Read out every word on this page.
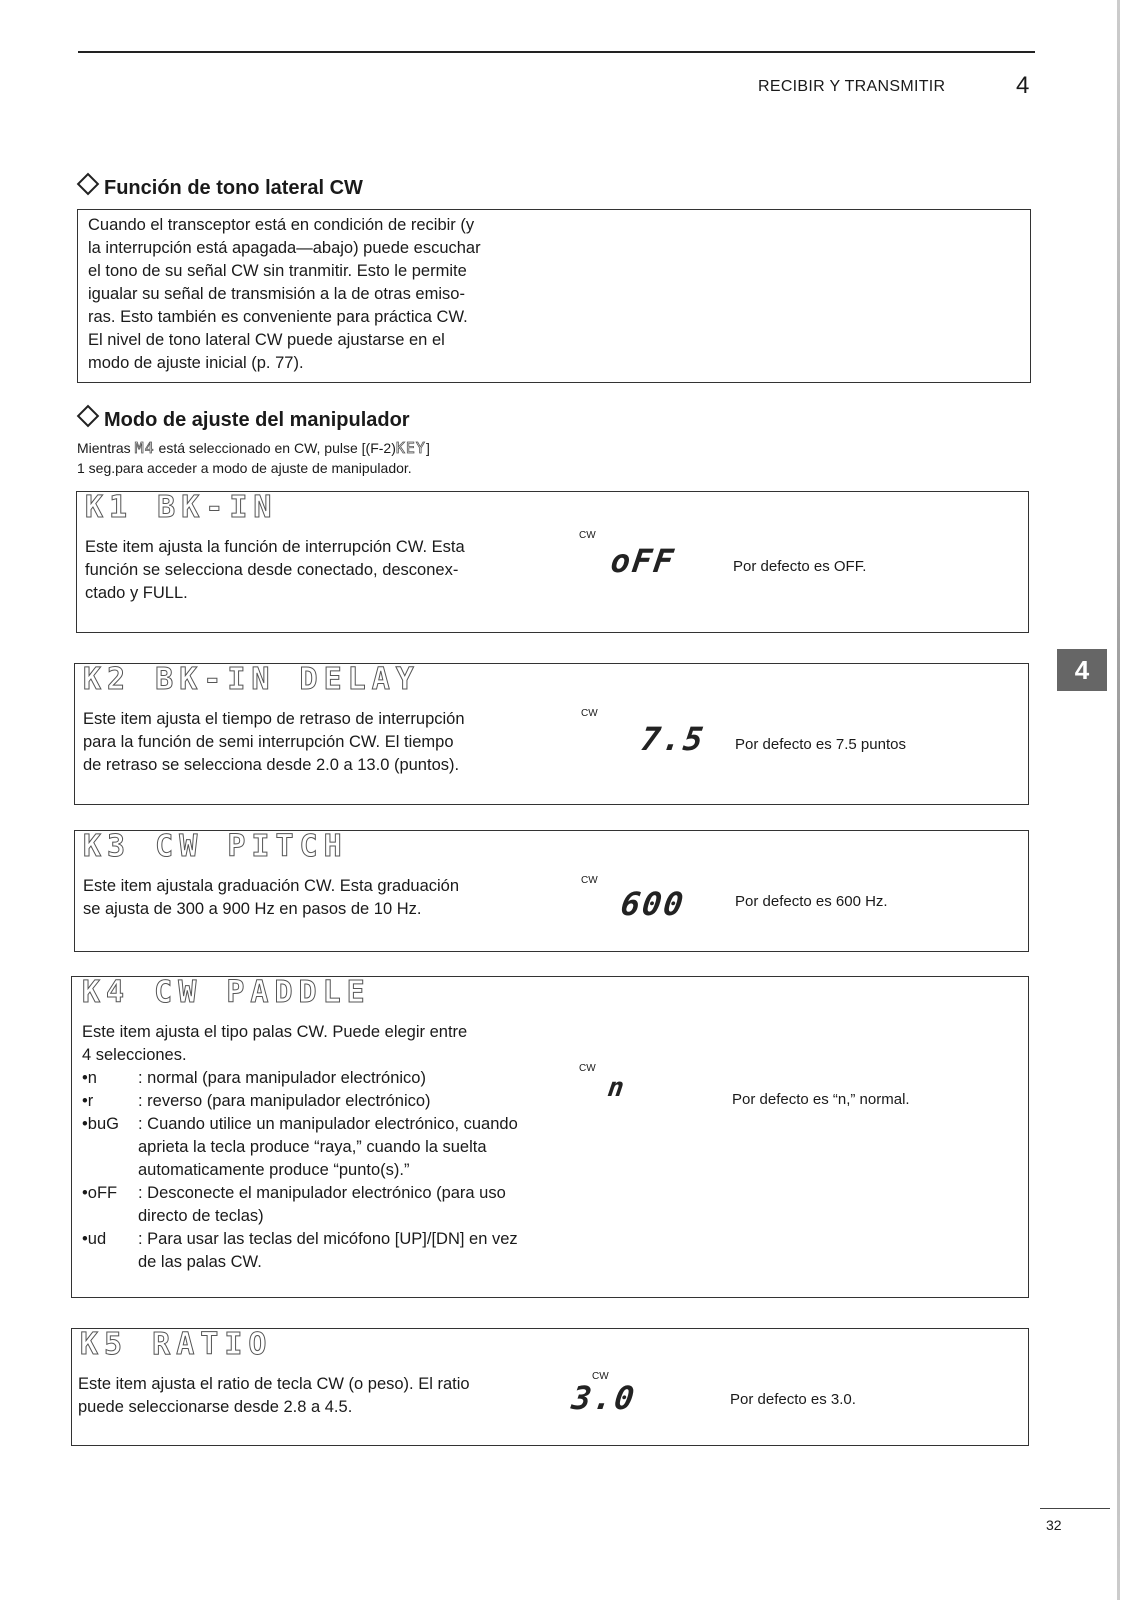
RECIBIR Y TRANSMITIR	4
Función de tono lateral CW
Cuando el transceptor está en condición de recibir (y
la interrupción está apagada—abajo) puede escuchar
el tono de su señal CW sin tranmitir. Esto le permite
igualar su señal de transmisión a la de otras emiso-
ras. Esto también es conveniente para práctica CW.
El nivel de tono lateral CW puede ajustarse en el
modo de ajuste inicial (p. 77).
Modo de ajuste del manipulador
Mientras M4 está seleccionado en CW, pulse [(F-2)KEY]
1 seg.para acceder a modo de ajuste de manipulador.
K1 BK-IN
Este item ajusta la función de interrupción CW. Esta
función se selecciona desde conectado, desconex-
ctado y FULL.
CW
oFF	Por defecto es OFF.
K2 BK-IN DELAY
Este item ajusta el tiempo de retraso de interrupción
para la función de semi interrupción CW. El tiempo
de retraso se selecciona desde 2.0 a 13.0 (puntos).
CW
7.5 Por defecto es 7.5 puntos
K3 CW PITCH
Este item ajustala graduación CW. Esta graduación
se ajusta de 300 a 900 Hz en pasos de 10 Hz.
CW
600	Por defecto es 600 Hz.
K4 CW PADDLE
Este item ajusta el tipo palas CW. Puede elegir entre
4 selecciones.
•n	: normal (para manipulador electrónico)
•r	: reverso (para manipulador electrónico)
•buG	: Cuando utilice un manipulador electrónico, cuando aprieta la tecla produce “raya,” cuando la suelta automaticamente produce “punto(s).”
•oFF	: Desconecte el manipulador electrónico (para uso directo de teclas)
•ud	: Para usar las teclas del micófono [UP]/[DN] en vez de las palas CW.
CW
n	Por defecto es “n,” normal.
K5 RATIO
Este item ajusta el ratio de tecla CW (o peso). El ratio
puede seleccionarse desde 2.8 a 4.5.
CW
3.0	Por defecto es 3.0.
4
32
